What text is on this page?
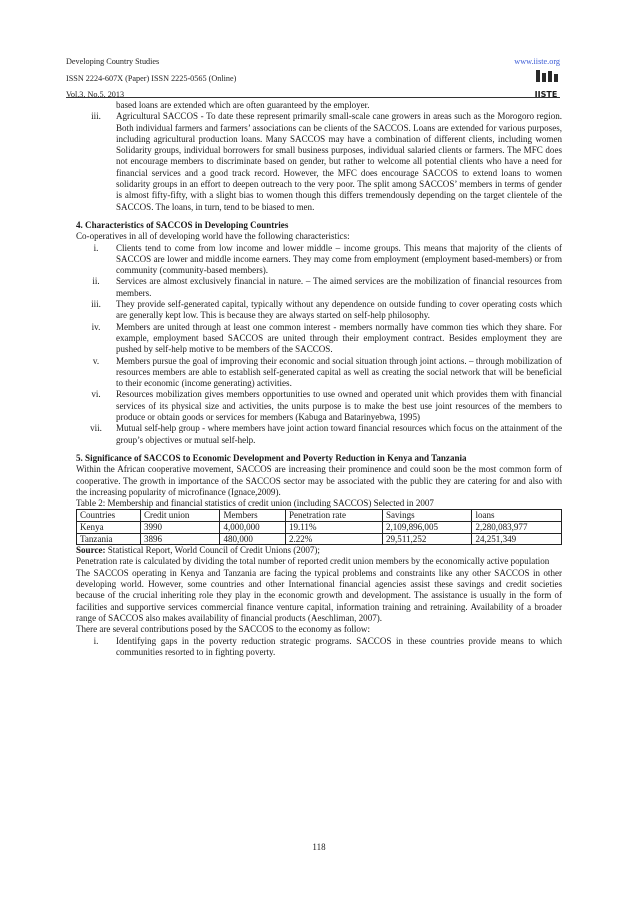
Developing Country Studies
ISSN 2224-607X (Paper) ISSN 2225-0565 (Online)
Vol.3, No.5, 2013
www.iiste.org
IISTE

based loans are extended which are often guaranteed by the employer.

iii.	Agricultural SACCOS - To date these represent primarily small-scale cane growers in areas such as the Morogoro region. Both individual farmers and farmers’ associations can be clients of the SACCOS. Loans are extended for various purposes, including agricultural production loans. Many SACCOS may have a combination of different clients, including women Solidarity groups, individual borrowers for small business purposes, individual salaried clients or farmers. The MFC does not encourage members to discriminate based on gender, but rather to welcome all potential clients who have a need for financial services and a good track record. However, the MFC does encourage SACCOS to extend loans to women solidarity groups in an effort to deepen outreach to the very poor. The split among SACCOS’ members in terms of gender is almost fifty-fifty, with a slight bias to women though this differs tremendously depending on the target clientele of the SACCOS. The loans, in turn, tend to be biased to men.
4. Characteristics of SACCOS in Developing Countries

Co-operatives in all of developing world have the following characteristics:

i.	Clients tend to come from low income and lower middle – income groups. This means that majority of the clients of SACCOS are lower and middle income earners. They may come from employment (employment based-members) or from community (community-based members).
ii.	Services are almost exclusively financial in nature. – The aimed services are the mobilization of financial resources from members.
iii.	They provide self-generated capital, typically without any dependence on outside funding to cover operating costs which are generally kept low. This is because they are always started on self-help philosophy.
iv.	Members are united through at least one common interest - members normally have common ties which they share. For example, employment based SACCOS are united through their employment contract. Besides employment they are pushed by self-help motive to be members of the SACCOS.
v.	Members pursue the goal of improving their economic and social situation through joint actions. – through mobilization of resources members are able to establish self-generated capital as well as creating the social network that will be beneficial to their economic (income generating) activities.
vi.	Resources mobilization gives members opportunities to use owned and operated unit which provides them with financial services of its physical size and activities, the units purpose is to make the best use joint resources of the members to produce or obtain goods or services for members (Kabuga and Batarinyebwa, 1995)
vii.	Mutual self-help group - where members have joint action toward financial resources which focus on the attainment of the group’s objectives or mutual self-help.
5. Significance of SACCOS to Economic Development and Poverty Reduction in Kenya and Tanzania

Within the African cooperative movement, SACCOS are increasing their prominence and could soon be the most common form of cooperative. The growth in importance of the SACCOS sector may be associated with the public they are catering for and also with the increasing popularity of microfinance (Ignace,2009).

Table 2: Membership and financial statistics of credit union (including SACCOS) Selected in 2007

Countries	Credit union	Members	Penetration rate	Savings	loans
Kenya	3990	4,000,000	19.11%	2,109,896,005	2,280,083,977
Tanzania	3896	480,000	2.22%	29,511,252	24,251,349

Source: Statistical Report, World Council of Credit Unions (2007);

Penetration rate is calculated by dividing the total number of reported credit union members by the economically active population

The SACCOS operating in Kenya and Tanzania are facing the typical problems and constraints like any other SACCOS in other developing world. However, some countries and other International financial agencies assist these savings and credit societies because of the crucial inheriting role they play in the economic growth and development. The assistance is usually in the form of facilities and supportive services commercial finance venture capital, information training and retraining. Availability of a broader range of SACCOS also makes availability of financial products (Aeschliman, 2007).

There are several contributions posed by the SACCOS to the economy as follow:

i.	Identifying gaps in the poverty reduction strategic programs. SACCOS in these countries provide means to which communities resorted to in fighting poverty.
118
